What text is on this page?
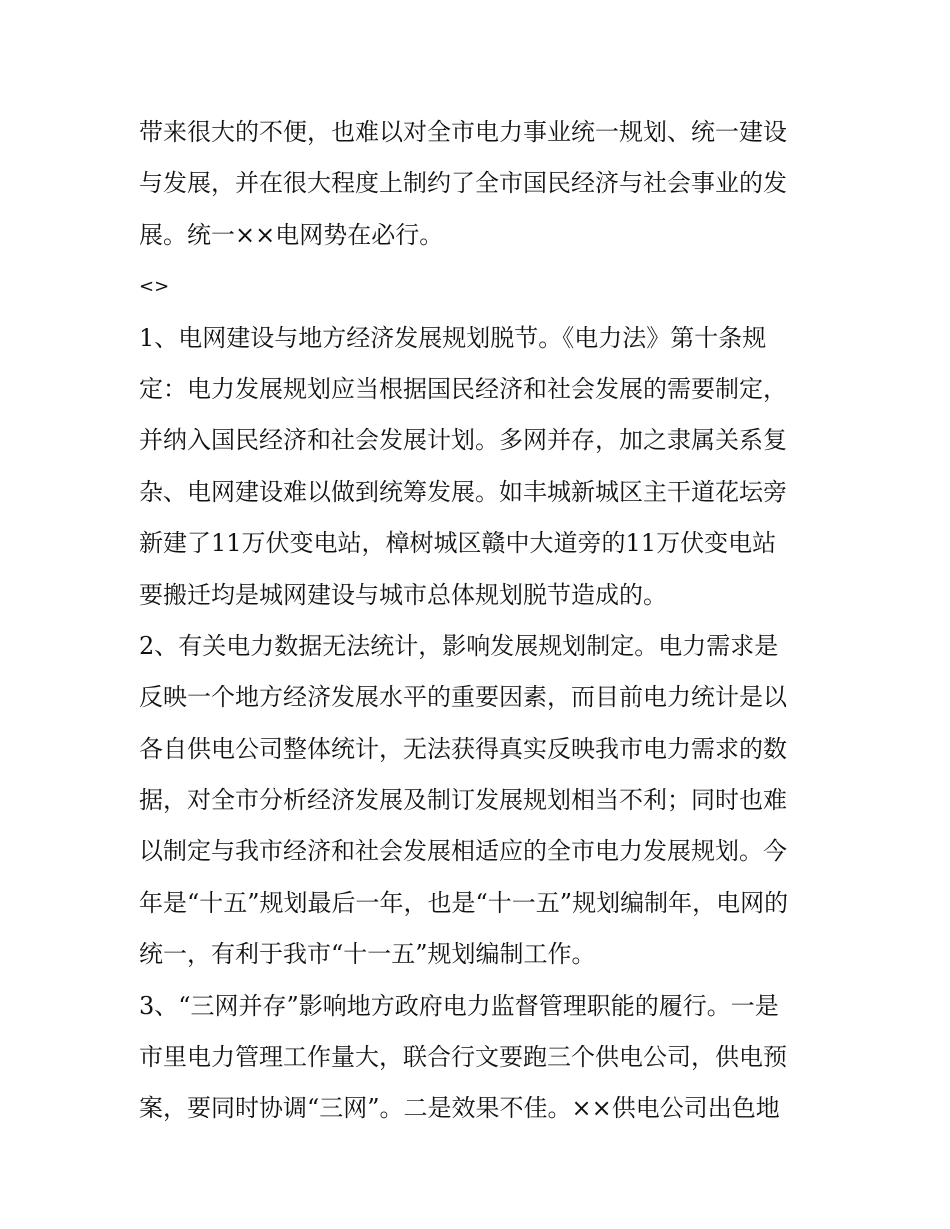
带来很大的不便，也难以对全市电力事业统一规划、统一建设
与发展，并在很大程度上制约了全市国民经济与社会事业的发
展。统一××电网势在必行。
<>
1、电网建设与地方经济发展规划脱节。《电力法》第十条规
定：电力发展规划应当根据国民经济和社会发展的需要制定，
并纳入国民经济和社会发展计划。多网并存，加之隶属关系复
杂、电网建设难以做到统筹发展。如丰城新城区主干道花坛旁
新建了11万伏变电站，樟树城区赣中大道旁的11万伏变电站
要搬迁均是城网建设与城市总体规划脱节造成的。
2、有关电力数据无法统计，影响发展规划制定。电力需求是
反映一个地方经济发展水平的重要因素，而目前电力统计是以
各自供电公司整体统计，无法获得真实反映我市电力需求的数
据，对全市分析经济发展及制订发展规划相当不利；同时也难
以制定与我市经济和社会发展相适应的全市电力发展规划。今
年是“十五”规划最后一年，也是“十一五”规划编制年，电网的
统一，有利于我市“十一五”规划编制工作。
3、“三网并存”影响地方政府电力监督管理职能的履行。一是
市里电力管理工作量大，联合行文要跑三个供电公司，供电预
案，要同时协调“三网”。二是效果不佳。××供电公司出色地
